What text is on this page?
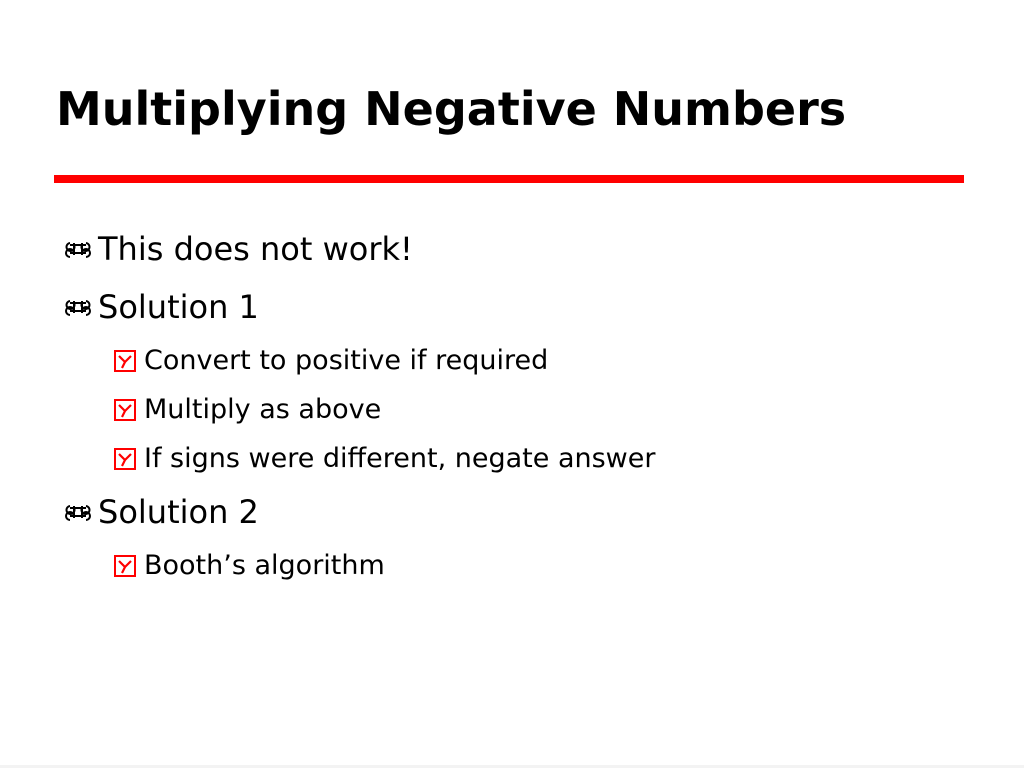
Multiplying Negative Numbers
This does not work!
Solution 1
Convert to positive if required
Multiply as above
If signs were different, negate answer
Solution 2
Booth’s algorithm
